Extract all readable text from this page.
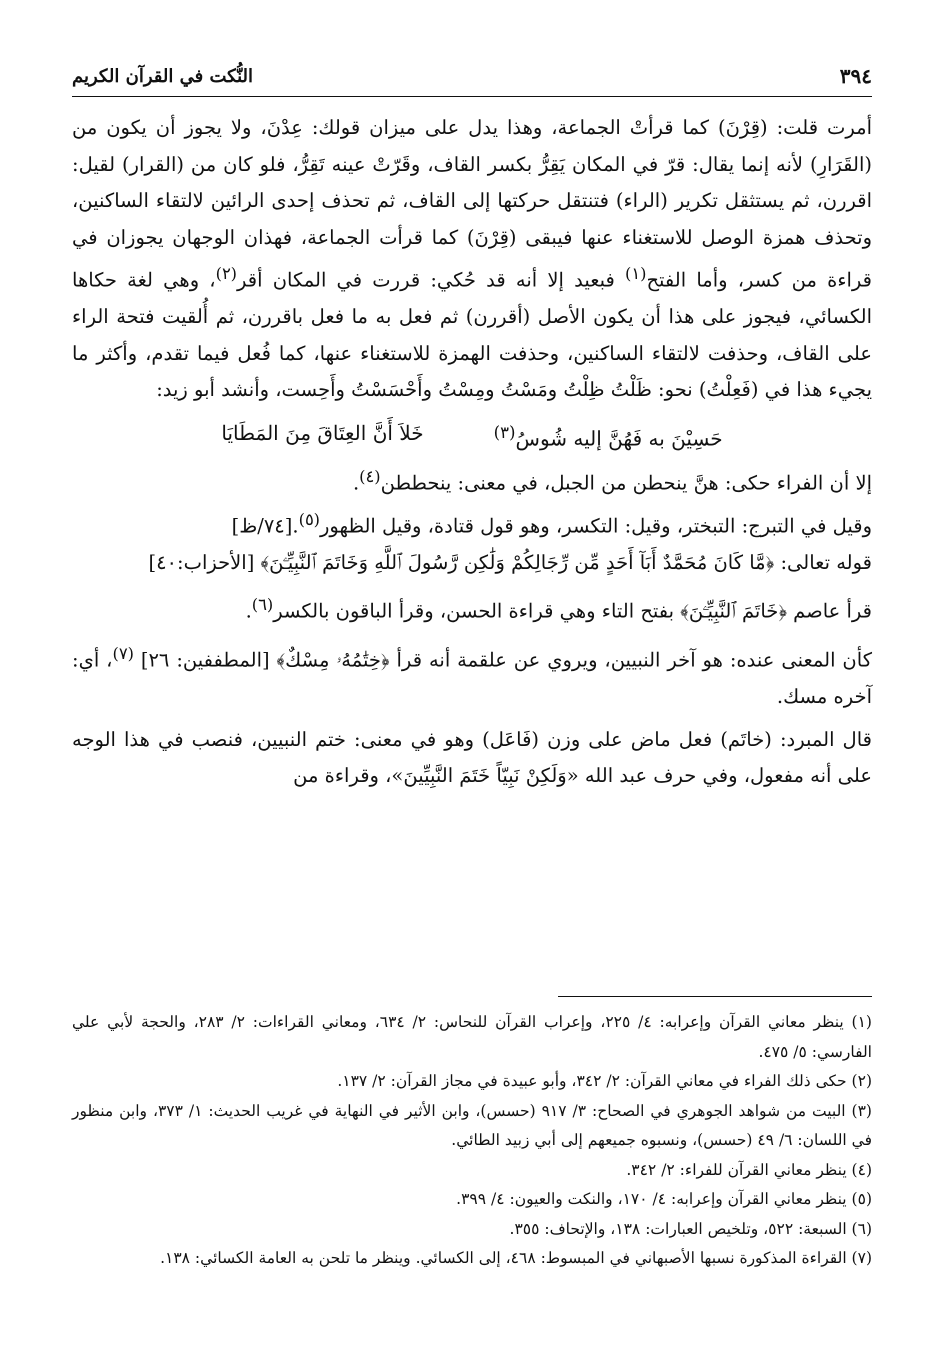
٣٩٤
النُّكت في القرآن الكريم

أمرت قلت: (قِرْنَ) كما قرأتْ الجماعة، وهذا يدل على ميزان قولك: عِدْنَ، ولا يجوز أن يكون من (القَرَارِ) لأنه إنما يقال: قرّ في المكان يَقِرُّ بكسر القاف، وقَرّتْ عينه تَقِرُّ، فلو كان من (القرار) لقيل: اقررن، ثم يستثقل تكرير (الراء) فتنتقل حركتها إلى القاف، ثم تحذف إحدى الرائين لالتقاء الساكنين، وتحذف همزة الوصل للاستغناء عنها فيبقى (قِرْنَ) كما قرأت الجماعة، فهذان الوجهان يجوزان في قراءة من كسر، وأما الفتح$^{(١)}$ فبعيد إلا أنه قد حُكي: قررت في المكان أقر$^{(٢)}$، وهي لغة حكاها الكسائي، فيجوز على هذا أن يكون الأصل (أقررن) ثم فعل به ما فعل باقررن، ثم أُلقيت فتحة الراء على القاف، وحذفت لالتقاء الساكنين، وحذفت الهمزة للاستغناء عنها، كما فُعل فيما تقدم، وأكثر ما يجيء هذا في (فَعِلْتُ) نحو: ظَلْتُ ظِلْتُ ومَسْتُ ومِسْتُ وأَحْسَسْتُ وأَحِست، وأنشد أبو زيد:

حَسِيْنَ به فَهُنَّ إليه شُوسُ$^{(٣)}$
خَلاَ أَنَّ العِتَاقَ مِنَ المَطَايَا

إلا أن الفراء حكى: هنَّ ينحطن من الجبل، في معنى: ينحططن$^{(٤)}$.

وقيل في التبرج: التبختر، وقيل: التكسر، وهو قول قتادة، وقيل الظهور$^{(٥)}$.[٧٤/ظ]

قوله تعالى: ﴿مَّا كَانَ مُحَمَّدٌ أَبَآ أَحَدٍ مِّن رِّجَالِكُمْ وَلَٰكِن رَّسُولَ ٱللَّهِ وَخَاتَمَ ٱلنَّبِيِّـۧنَ﴾ [الأحزاب:٤٠]

قرأ عاصم ﴿خَاتَمَ ٱلنَّبِيِّـۧنَ﴾ بفتح التاء وهي قراءة الحسن، وقرأ الباقون بالكسر$^{(٦)}$.

كأن المعنى عنده: هو آخر النبيين، ويروي عن علقمة أنه قرأ ﴿خِتَٰمُهُۥ مِسْكٌ﴾ [المطففين: ٢٦] $^{(٧)}$، أي: آخره مسك.

قال المبرد: (خاتَم) فعل ماض على وزن (فَاعَل) وهو في معنى: ختم النبيين، فنصب في هذا الوجه على أنه مفعول، وفي حرف عبد الله «وَلَكِنْ نَبِيّاً خَتَمَ النَّبِيِّينَ»، وقراءة من

(١) ينظر معاني القرآن وإعرابه: ٤/ ٢٢٥، وإعراب القرآن للنحاس: ٢/ ٦٣٤، ومعاني القراءات: ٢/ ٢٨٣، والحجة لأبي علي الفارسي: ٥/ ٤٧٥.

(٢) حكى ذلك الفراء في معاني القرآن: ٢/ ٣٤٢، وأبو عبيدة في مجاز القرآن: ٢/ ١٣٧.

(٣) البيت من شواهد الجوهري في الصحاح: ٣/ ٩١٧ (حسس)، وابن الأثير في النهاية في غريب الحديث: ١/ ٣٧٣، وابن منظور في اللسان: ٦/ ٤٩ (حسس)، ونسبوه جميعهم إلى أبي زبيد الطائي.

(٤) ينظر معاني القرآن للفراء: ٢/ ٣٤٢.

(٥) ينظر معاني القرآن وإعرابه: ٤/ ١٧٠، والنكت والعيون: ٤/ ٣٩٩.

(٦) السبعة: ٥٢٢، وتلخيص العبارات: ١٣٨، والإتحاف: ٣٥٥.

(٧) القراءة المذكورة نسبها الأصبهاني في المبسوط: ٤٦٨، إلى الكسائي. وينظر ما تلحن به العامة الكسائي: ١٣٨.
